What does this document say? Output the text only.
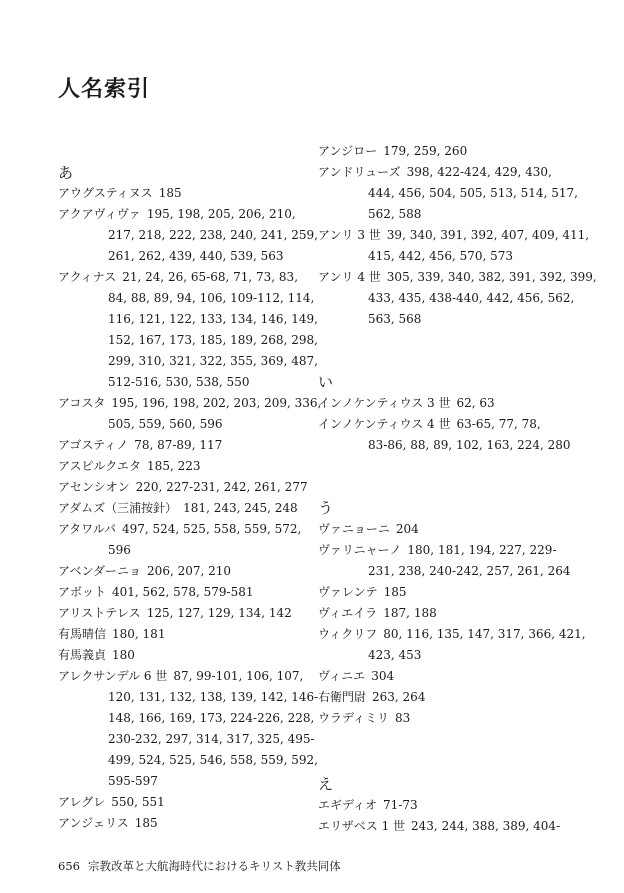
人名索引
あ
アウグスティヌス 185
アクアヴィヴァ 195, 198, 205, 206, 210,
217, 218, 222, 238, 240, 241, 259,
261, 262, 439, 440, 539, 563
アクィナス 21, 24, 26, 65-68, 71, 73, 83,
84, 88, 89, 94, 106, 109-112, 114,
116, 121, 122, 133, 134, 146, 149,
152, 167, 173, 185, 189, 268, 298,
299, 310, 321, 322, 355, 369, 487,
512-516, 530, 538, 550
アコスタ 195, 196, 198, 202, 203, 209, 336,
505, 559, 560, 596
アゴスティノ 78, 87-89, 117
アスピルクエタ 185, 223
アセンシオン 220, 227-231, 242, 261, 277
アダムズ（三浦按針） 181, 243, 245, 248
アタワルパ 497, 524, 525, 558, 559, 572,
596
アベンダーニョ 206, 207, 210
アボット 401, 562, 578, 579-581
アリストテレス 125, 127, 129, 134, 142
有馬晴信 180, 181
有馬義貞 180
アレクサンデル 6 世 87, 99-101, 106, 107,
120, 131, 132, 138, 139, 142, 146-
148, 166, 169, 173, 224-226, 228,
230-232, 297, 314, 317, 325, 495-
499, 524, 525, 546, 558, 559, 592,
595-597
アレグレ 550, 551
アンジェリス 185
アンジロー 179, 259, 260
アンドリューズ 398, 422-424, 429, 430,
444, 456, 504, 505, 513, 514, 517,
562, 588
アンリ 3 世 39, 340, 391, 392, 407, 409, 411,
415, 442, 456, 570, 573
アンリ 4 世 305, 339, 340, 382, 391, 392, 399,
433, 435, 438-440, 442, 456, 562,
563, 568
い
インノケンティウス 3 世 62, 63
インノケンティウス 4 世 63-65, 77, 78,
83-86, 88, 89, 102, 163, 224, 280
う
ヴァニョーニ 204
ヴァリニャーノ 180, 181, 194, 227, 229-
231, 238, 240-242, 257, 261, 264
ヴァレンテ 185
ヴィエイラ 187, 188
ウィクリフ 80, 116, 135, 147, 317, 366, 421,
423, 453
ヴィニエ 304
右衛門尉 263, 264
ウラディミリ 83
え
エギディオ 71-73
エリザベス 1 世 243, 244, 388, 389, 404-
656 宗教改革と大航海時代におけるキリスト教共同体
